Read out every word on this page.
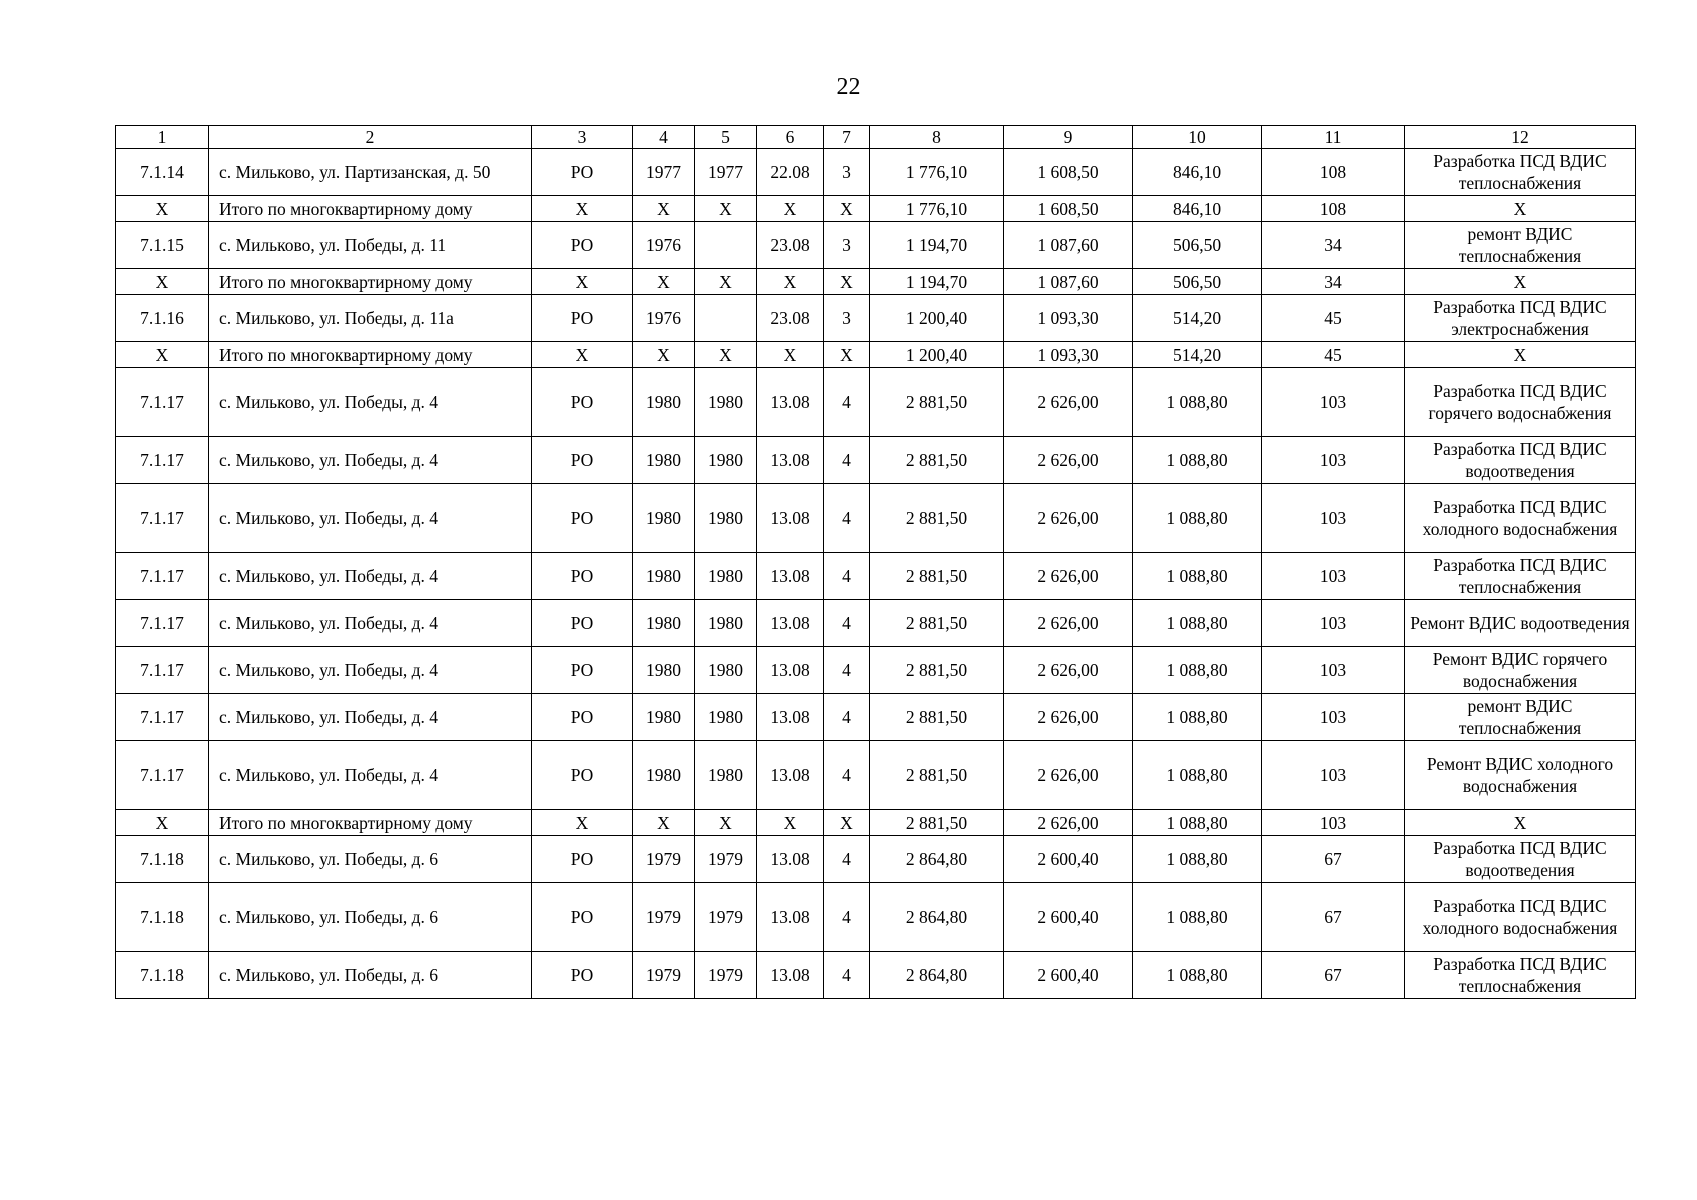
22
1	2	3	4	5	6	7	8	9	10	11	12
7.1.14	с. Мильково, ул. Партизанская, д. 50	РО	1977	1977	22.08	3	1 776,10	1 608,50	846,10	108	Разработка ПСД ВДИС теплоснабжения
X	Итого по многоквартирному дому	X	X	X	X	X	1 776,10	1 608,50	846,10	108	X
7.1.15	с. Мильково, ул. Победы, д. 11	РО	1976		23.08	3	1 194,70	1 087,60	506,50	34	ремонт ВДИС теплоснабжения
X	Итого по многоквартирному дому	X	X	X	X	X	1 194,70	1 087,60	506,50	34	X
7.1.16	с. Мильково, ул. Победы, д. 11а	РО	1976		23.08	3	1 200,40	1 093,30	514,20	45	Разработка ПСД ВДИС электроснабжения
X	Итого по многоквартирному дому	X	X	X	X	X	1 200,40	1 093,30	514,20	45	X
7.1.17	с. Мильково, ул. Победы, д. 4	РО	1980	1980	13.08	4	2 881,50	2 626,00	1 088,80	103	Разработка ПСД ВДИС горячего водоснабжения
7.1.17	с. Мильково, ул. Победы, д. 4	РО	1980	1980	13.08	4	2 881,50	2 626,00	1 088,80	103	Разработка ПСД ВДИС водоотведения
7.1.17	с. Мильково, ул. Победы, д. 4	РО	1980	1980	13.08	4	2 881,50	2 626,00	1 088,80	103	Разработка ПСД ВДИС холодного водоснабжения
7.1.17	с. Мильково, ул. Победы, д. 4	РО	1980	1980	13.08	4	2 881,50	2 626,00	1 088,80	103	Разработка ПСД ВДИС теплоснабжения
7.1.17	с. Мильково, ул. Победы, д. 4	РО	1980	1980	13.08	4	2 881,50	2 626,00	1 088,80	103	Ремонт ВДИС водоотведения
7.1.17	с. Мильково, ул. Победы, д. 4	РО	1980	1980	13.08	4	2 881,50	2 626,00	1 088,80	103	Ремонт ВДИС горячего водоснабжения
7.1.17	с. Мильково, ул. Победы, д. 4	РО	1980	1980	13.08	4	2 881,50	2 626,00	1 088,80	103	ремонт ВДИС теплоснабжения
7.1.17	с. Мильково, ул. Победы, д. 4	РО	1980	1980	13.08	4	2 881,50	2 626,00	1 088,80	103	Ремонт ВДИС холодного водоснабжения
X	Итого по многоквартирному дому	X	X	X	X	X	2 881,50	2 626,00	1 088,80	103	X
7.1.18	с. Мильково, ул. Победы, д. 6	РО	1979	1979	13.08	4	2 864,80	2 600,40	1 088,80	67	Разработка ПСД ВДИС водоотведения
7.1.18	с. Мильково, ул. Победы, д. 6	РО	1979	1979	13.08	4	2 864,80	2 600,40	1 088,80	67	Разработка ПСД ВДИС холодного водоснабжения
7.1.18	с. Мильково, ул. Победы, д. 6	РО	1979	1979	13.08	4	2 864,80	2 600,40	1 088,80	67	Разработка ПСД ВДИС теплоснабжения
